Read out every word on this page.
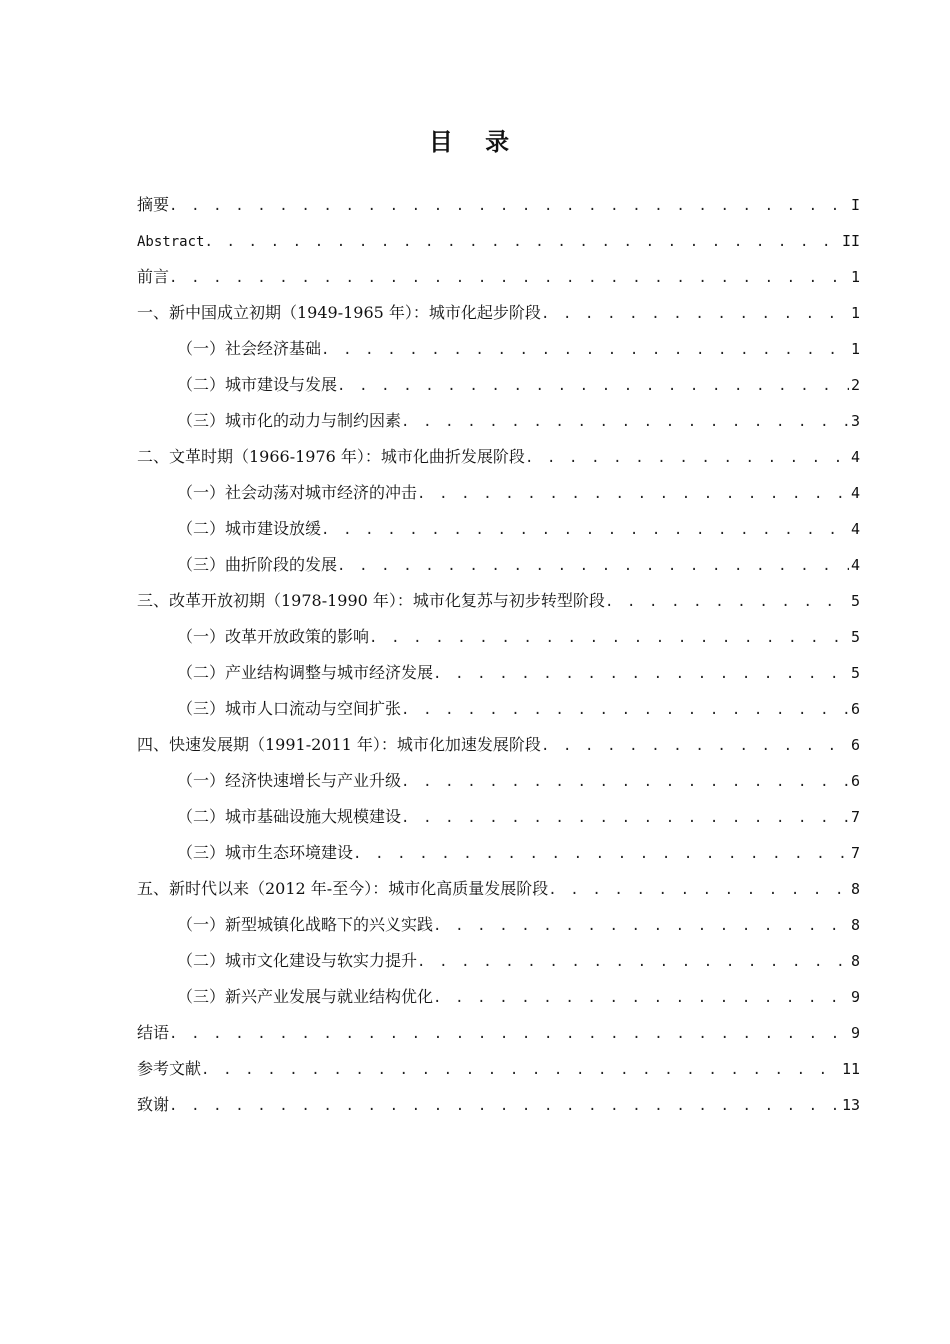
目 录
摘要 . . .	I
Abstract . . .	II
前言 . . .	1
一、新中国成立初期（1949-1965 年）：城市化起步阶段 . . .	1
（一）社会经济基础 . . .	1
（二）城市建设与发展 . . .	2
（三）城市化的动力与制约因素 . . .	3
二、文革时期（1966-1976 年）：城市化曲折发展阶段 . . .	4
（一）社会动荡对城市经济的冲击 . . .	4
（二）城市建设放缓 . . .	4
（三）曲折阶段的发展 . . .	4
三、改革开放初期（1978-1990 年）：城市化复苏与初步转型阶段 . . .	5
（一）改革开放政策的影响 . . .	5
（二）产业结构调整与城市经济发展 . . .	5
（三）城市人口流动与空间扩张 . . .	6
四、快速发展期（1991-2011 年）：城市化加速发展阶段 . . .	6
（一）经济快速增长与产业升级 . . .	6
（二）城市基础设施大规模建设 . . .	7
（三）城市生态环境建设 . . .	7
五、新时代以来（2012 年-至今）：城市化高质量发展阶段 . . .	8
（一）新型城镇化战略下的兴义实践 . . .	8
（二）城市文化建设与软实力提升 . . .	8
（三）新兴产业发展与就业结构优化 . . .	9
结语 . . .	9
参考文献 . . .	11
致谢 . . .	13
